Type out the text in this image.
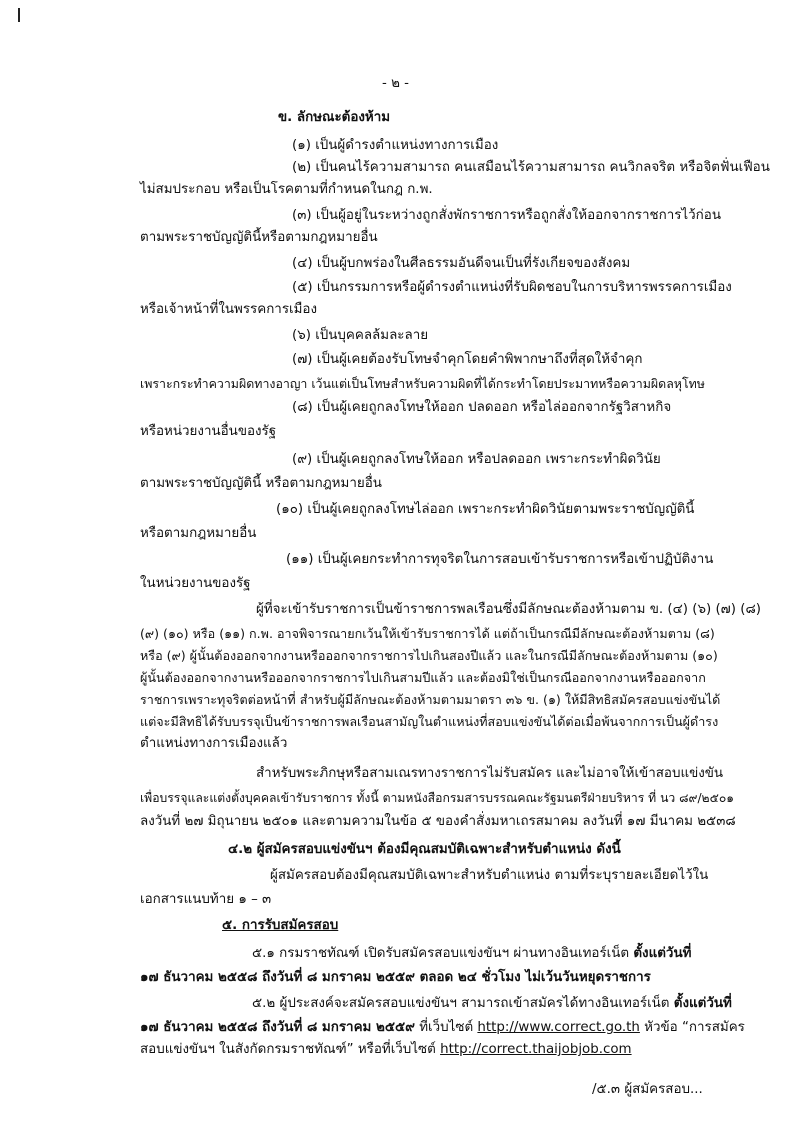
- ๒ -
ข. ลักษณะต้องห้าม
(๑) เป็นผู้ดำรงตำแหน่งทางการเมือง
(๒) เป็นคนไร้ความสามารถ คนเสมือนไร้ความสามารถ คนวิกลจริต หรือจิตฟั่นเฟือน
ไม่สมประกอบ หรือเป็นโรคตามที่กำหนดในกฎ ก.พ.
(๓) เป็นผู้อยู่ในระหว่างถูกสั่งพักราชการหรือถูกสั่งให้ออกจากราชการไว้ก่อน
ตามพระราชบัญญัตินี้หรือตามกฎหมายอื่น
(๔) เป็นผู้บกพร่องในศีลธรรมอันดีจนเป็นที่รังเกียจของสังคม
(๕) เป็นกรรมการหรือผู้ดำรงตำแหน่งที่รับผิดชอบในการบริหารพรรคการเมือง
หรือเจ้าหน้าที่ในพรรคการเมือง
(๖) เป็นบุคคลล้มละลาย
(๗) เป็นผู้เคยต้องรับโทษจำคุกโดยคำพิพากษาถึงที่สุดให้จำคุก
เพราะกระทำความผิดทางอาญา เว้นแต่เป็นโทษสำหรับความผิดที่ได้กระทำโดยประมาทหรือความผิดลหุโทษ
(๘) เป็นผู้เคยถูกลงโทษให้ออก ปลดออก หรือไล่ออกจากรัฐวิสาหกิจ
หรือหน่วยงานอื่นของรัฐ
(๙) เป็นผู้เคยถูกลงโทษให้ออก หรือปลดออก เพราะกระทำผิดวินัย
ตามพระราชบัญญัตินี้ หรือตามกฎหมายอื่น
(๑๐) เป็นผู้เคยถูกลงโทษไล่ออก เพราะกระทำผิดวินัยตามพระราชบัญญัตินี้
หรือตามกฎหมายอื่น
(๑๑) เป็นผู้เคยกระทำการทุจริตในการสอบเข้ารับราชการหรือเข้าปฏิบัติงาน
ในหน่วยงานของรัฐ
ผู้ที่จะเข้ารับราชการเป็นข้าราชการพลเรือนซึ่งมีลักษณะต้องห้ามตาม ข. (๔) (๖) (๗) (๘)
(๙) (๑๐) หรือ (๑๑) ก.พ. อาจพิจารณายกเว้นให้เข้ารับราชการได้ แต่ถ้าเป็นกรณีมีลักษณะต้องห้ามตาม (๘)
หรือ (๙) ผู้นั้นต้องออกจากงานหรือออกจากราชการไปเกินสองปีแล้ว และในกรณีมีลักษณะต้องห้ามตาม (๑๐)
ผู้นั้นต้องออกจากงานหรือออกจากราชการไปเกินสามปีแล้ว และต้องมิใช่เป็นกรณีออกจากงานหรือออกจาก
ราชการเพราะทุจริตต่อหน้าที่ สำหรับผู้มีลักษณะต้องห้ามตามมาตรา ๓๖ ข. (๑) ให้มีสิทธิสมัครสอบแข่งขันได้
แต่จะมีสิทธิได้รับบรรจุเป็นข้าราชการพลเรือนสามัญในตำแหน่งที่สอบแข่งขันได้ต่อเมื่อพ้นจากการเป็นผู้ดำรง
ตำแหน่งทางการเมืองแล้ว
สำหรับพระภิกษุหรือสามเณรทางราชการไม่รับสมัคร และไม่อาจให้เข้าสอบแข่งขัน
เพื่อบรรจุและแต่งตั้งบุคคลเข้ารับราชการ ทั้งนี้ ตามหนังสือกรมสารบรรณคณะรัฐมนตรีฝ่ายบริหาร ที่ นว ๘๙/๒๕๐๑
ลงวันที่ ๒๗ มิถุนายน ๒๕๐๑ และตามความในข้อ ๕ ของคำสั่งมหาเถรสมาคม ลงวันที่ ๑๗ มีนาคม ๒๕๓๘
๔.๒ ผู้สมัครสอบแข่งขันฯ ต้องมีคุณสมบัติเฉพาะสำหรับตำแหน่ง ดังนี้
ผู้สมัครสอบต้องมีคุณสมบัติเฉพาะสำหรับตำแหน่ง ตามที่ระบุรายละเอียดไว้ใน
เอกสารแนบท้าย ๑ – ๓
๕. การรับสมัครสอบ
๕.๑ กรมราชทัณฑ์ เปิดรับสมัครสอบแข่งขันฯ ผ่านทางอินเทอร์เน็ต ตั้งแต่วันที่
๑๗ ธันวาคม ๒๕๕๘ ถึงวันที่ ๘ มกราคม ๒๕๕๙ ตลอด ๒๔ ชั่วโมง ไม่เว้นวันหยุดราชการ
๕.๒ ผู้ประสงค์จะสมัครสอบแข่งขันฯ สามารถเข้าสมัครได้ทางอินเทอร์เน็ต ตั้งแต่วันที่
๑๗ ธันวาคม ๒๕๕๘ ถึงวันที่ ๘ มกราคม ๒๕๕๙ ที่เว็บไซต์ http://www.correct.go.th หัวข้อ “การสมัคร
สอบแข่งขันฯ ในสังกัดกรมราชทัณฑ์” หรือที่เว็บไซต์ http://correct.thaijobjob.com
/๕.๓ ผู้สมัครสอบ...
